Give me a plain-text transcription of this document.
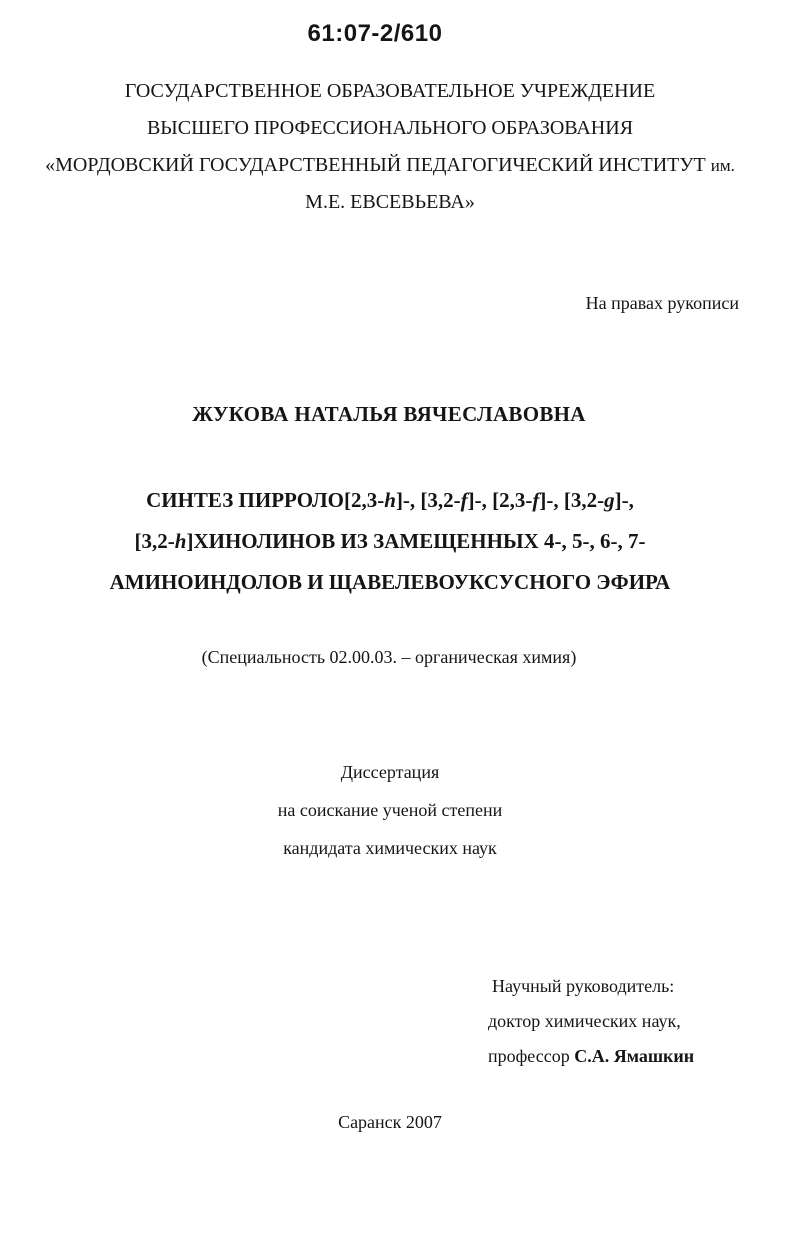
61:07-2/610
ГОСУДАРСТВЕННОЕ ОБРАЗОВАТЕЛЬНОЕ УЧРЕЖДЕНИЕ
ВЫСШЕГО ПРОФЕССИОНАЛЬНОГО ОБРАЗОВАНИЯ
«МОРДОВСКИЙ ГОСУДАРСТВЕННЫЙ ПЕДАГОГИЧЕСКИЙ ИНСТИТУТ им.
М.Е. ЕВСЕВЬЕВА»
На правах рукописи
ЖУКОВА НАТАЛЬЯ ВЯЧЕСЛАВОВНА
СИНТЕЗ ПИРРОЛО[2,3-h]-, [3,2-f]-, [2,3-f]-, [3,2-g]-,
[3,2-h]ХИНОЛИНОВ ИЗ ЗАМЕЩЕННЫХ 4-, 5-, 6-, 7-
АМИНОИНДОЛОВ И ЩАВЕЛЕВОУКСУСНОГО ЭФИРА
(Специальность 02.00.03. – органическая химия)
Диссертация
на соискание ученой степени
кандидата химических наук
Научный руководитель:
доктор химических наук,
профессор С.А. Ямашкин
Саранск 2007
